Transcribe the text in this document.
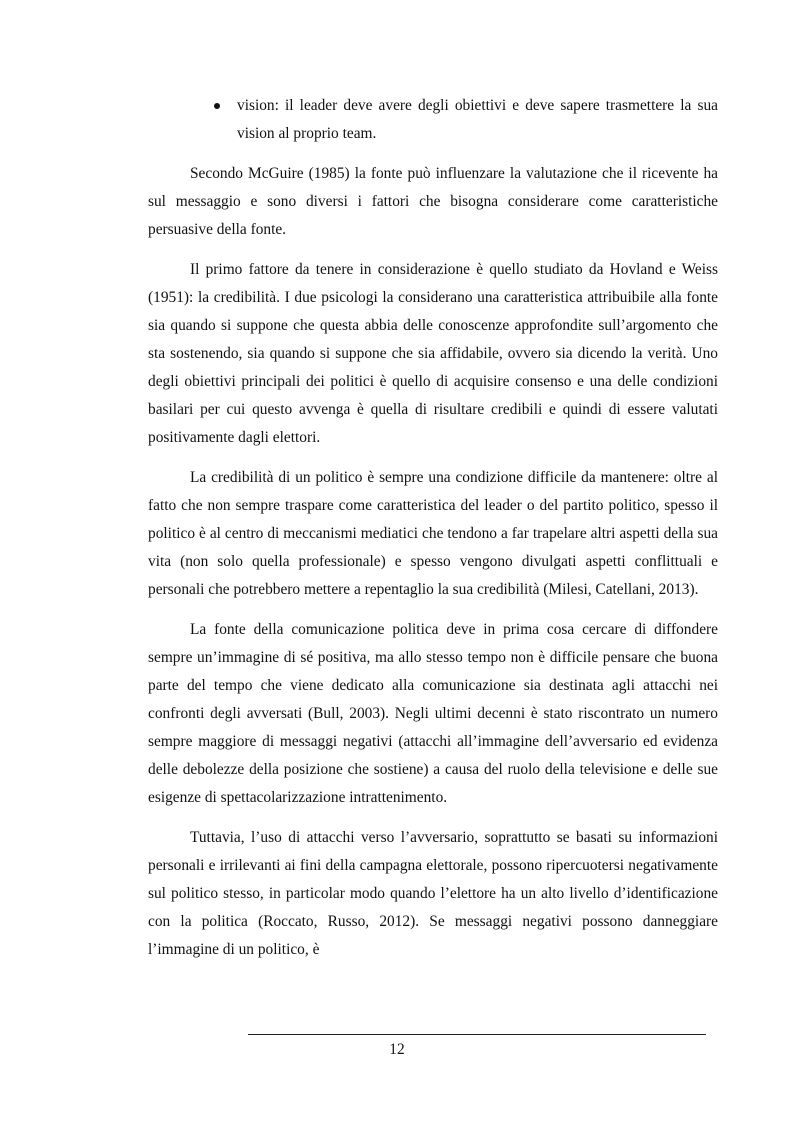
vision: il leader deve avere degli obiettivi e deve sapere trasmettere la sua vision al proprio team.

Secondo McGuire (1985) la fonte può influenzare la valutazione che il ricevente ha sul messaggio e sono diversi i fattori che bisogna considerare come caratteristiche persuasive della fonte.

Il primo fattore da tenere in considerazione è quello studiato da Hovland e Weiss (1951): la credibilità. I due psicologi la considerano una caratteristica attribuibile alla fonte sia quando si suppone che questa abbia delle conoscenze approfondite sull’argomento che sta sostenendo, sia quando si suppone che sia affidabile, ovvero sia dicendo la verità. Uno degli obiettivi principali dei politici è quello di acquisire consenso e una delle condizioni basilari per cui questo avvenga è quella di risultare credibili e quindi di essere valutati positivamente dagli elettori.

La credibilità di un politico è sempre una condizione difficile da mantenere: oltre al fatto che non sempre traspare come caratteristica del leader o del partito politico, spesso il politico è al centro di meccanismi mediatici che tendono a far trapelare altri aspetti della sua vita (non solo quella professionale) e spesso vengono divulgati aspetti conflittuali e personali che potrebbero mettere a repentaglio la sua credibilità (Milesi, Catellani, 2013).

La fonte della comunicazione politica deve in prima cosa cercare di diffondere sempre un’immagine di sé positiva, ma allo stesso tempo non è difficile pensare che buona parte del tempo che viene dedicato alla comunicazione sia destinata agli attacchi nei confronti degli avversati (Bull, 2003). Negli ultimi decenni è stato riscontrato un numero sempre maggiore di messaggi negativi (attacchi all’immagine dell’avversario ed evidenza delle debolezze della posizione che sostiene) a causa del ruolo della televisione e delle sue esigenze di spettacolarizzazione intrattenimento.

Tuttavia, l’uso di attacchi verso l’avversario, soprattutto se basati su informazioni personali e irrilevanti ai fini della campagna elettorale, possono ripercuotersi negativamente sul politico stesso, in particolar modo quando l’elettore ha un alto livello d’identificazione con la politica (Roccato, Russo, 2012). Se messaggi negativi possono danneggiare l’immagine di un politico, è

12
